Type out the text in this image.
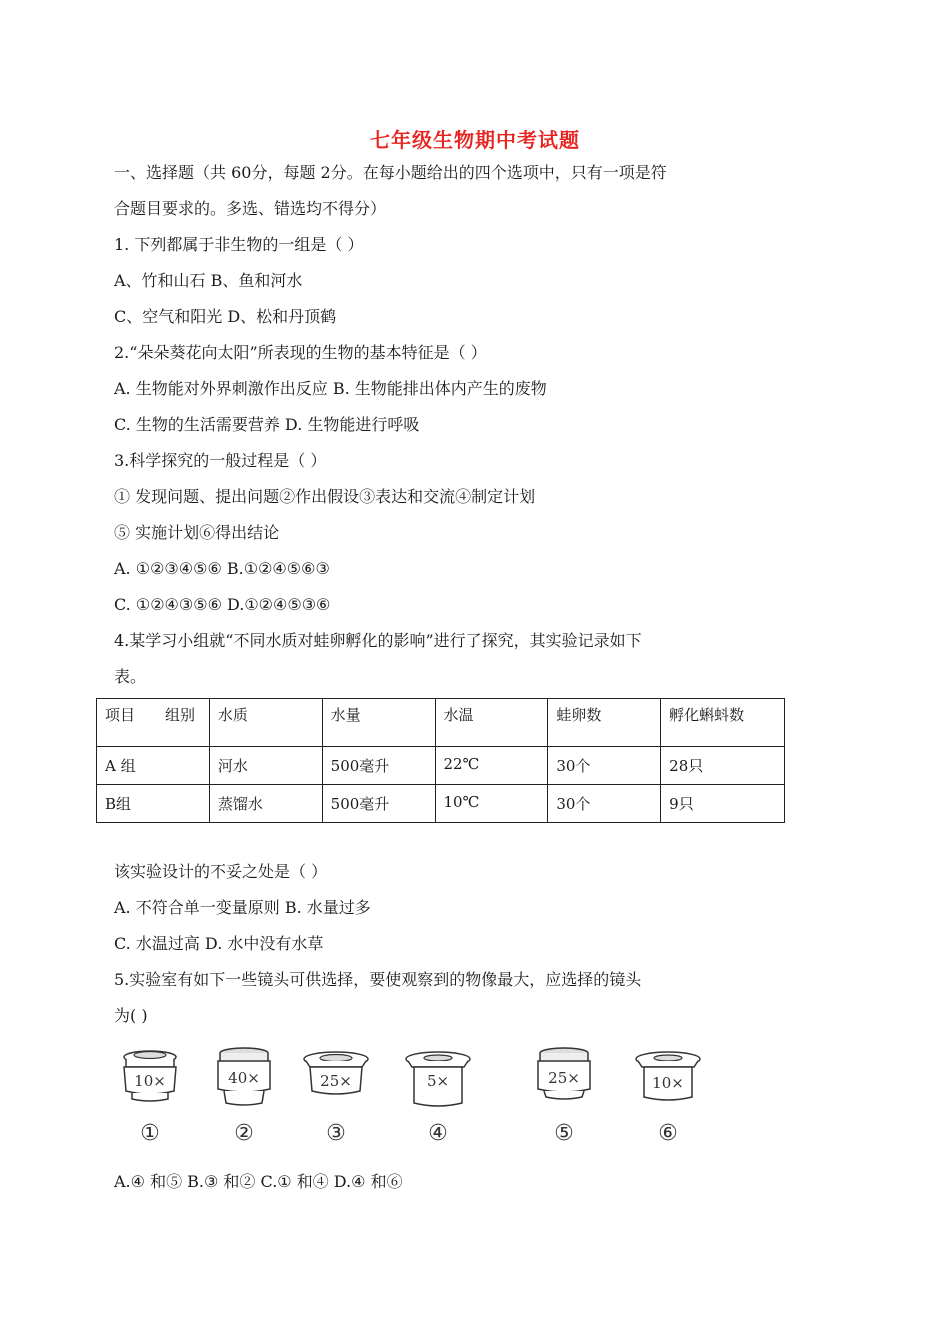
七年级生物期中考试题
一、选择题（共 60分，每题 2分。在每小题给出的四个选项中，只有一项是符
合题目要求的。多选、错选均不得分）
1. 下列都属于非生物的一组是（ ）
A、竹和山石 B、鱼和河水
C、空气和阳光 D、松和丹顶鹤
2.“朵朵葵花向太阳”所表现的生物的基本特征是（ ）
A. 生物能对外界刺激作出反应 B. 生物能排出体内产生的废物
C. 生物的生活需要营养 D. 生物能进行呼吸
3.科学探究的一般过程是（ ）
① 发现问题、提出问题②作出假设③表达和交流④制定计划
⑤ 实施计划⑥得出结论
A. ①②③④⑤⑥ B.①②④⑤⑥③
C. ①②④③⑤⑥ D.①②④⑤③⑥
4.某学习小组就“不同水质对蛙卵孵化的影响”进行了探究，其实验记录如下
表。
项目　　组别	水质	水量	水温	蛙卵数	孵化蝌蚪数
A 组	河水	500毫升	22℃	30个	28只
B组	蒸馏水	500毫升	10℃	30个	9只
该实验设计的不妥之处是（ ）
A. 不符合单一变量原则 B. 水量过多
C. 水温过高 D. 水中没有水草
5.实验室有如下一些镜头可供选择，要使观察到的物像最大，应选择的镜头
为( )
10×
①
40×
②
25×
③
5×
④
25×
⑤
10×
⑥
A.④ 和⑤ B.③ 和② C.① 和④ D.④ 和⑥
